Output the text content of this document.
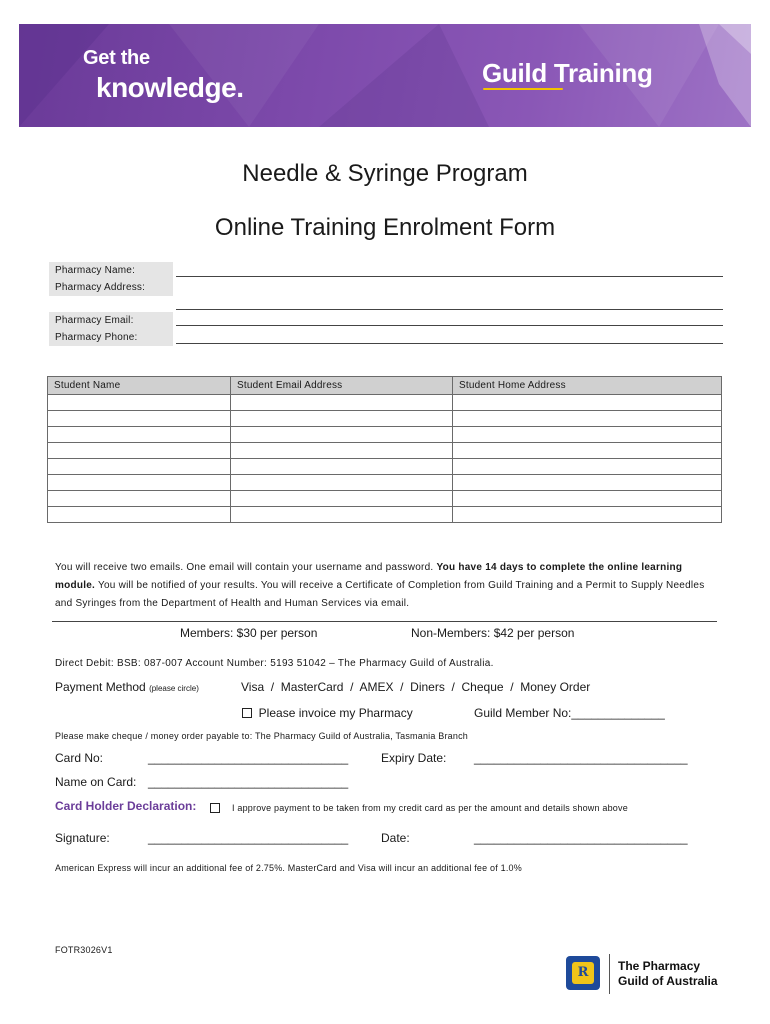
Get the
knowledge.	Guild Training
Needle & Syringe Program
Online Training Enrolment Form
Pharmacy Name:
Pharmacy Address:
Pharmacy Email:
Pharmacy Phone:
Student Name	Student Email Address	Student Home Address

You will receive two emails. One email will contain your username and password. You have 14 days to complete the online learning module. You will be notified of your results. You will receive a Certificate of Completion from Guild Training and a Permit to Supply Needles and Syringes from the Department of Health and Human Services via email.
Members: $30 per person	Non-Members: $42 per person
Direct Debit: BSB: 087-007 Account Number: 5193 51042 – The Pharmacy Guild of Australia.
Payment Method (please circle)	Visa  /  MasterCard  /  AMEX  /  Diners  /  Cheque  /  Money Order
Please invoice my Pharmacy	Guild Member No:______________
Please make cheque / money order payable to: The Pharmacy Guild of Australia, Tasmania Branch
Card No:	______________________________	Expiry Date: ________________________________
Name on Card: ______________________________
Card Holder Declaration:	I approve payment to be taken from my credit card as per the amount and details shown above
Signature:	______________________________	Date:	________________________________
American Express will incur an additional fee of 2.75%. MasterCard and Visa will incur an additional fee of 1.0%
FOTR3026V1
R	The Pharmacy
Guild of Australia
